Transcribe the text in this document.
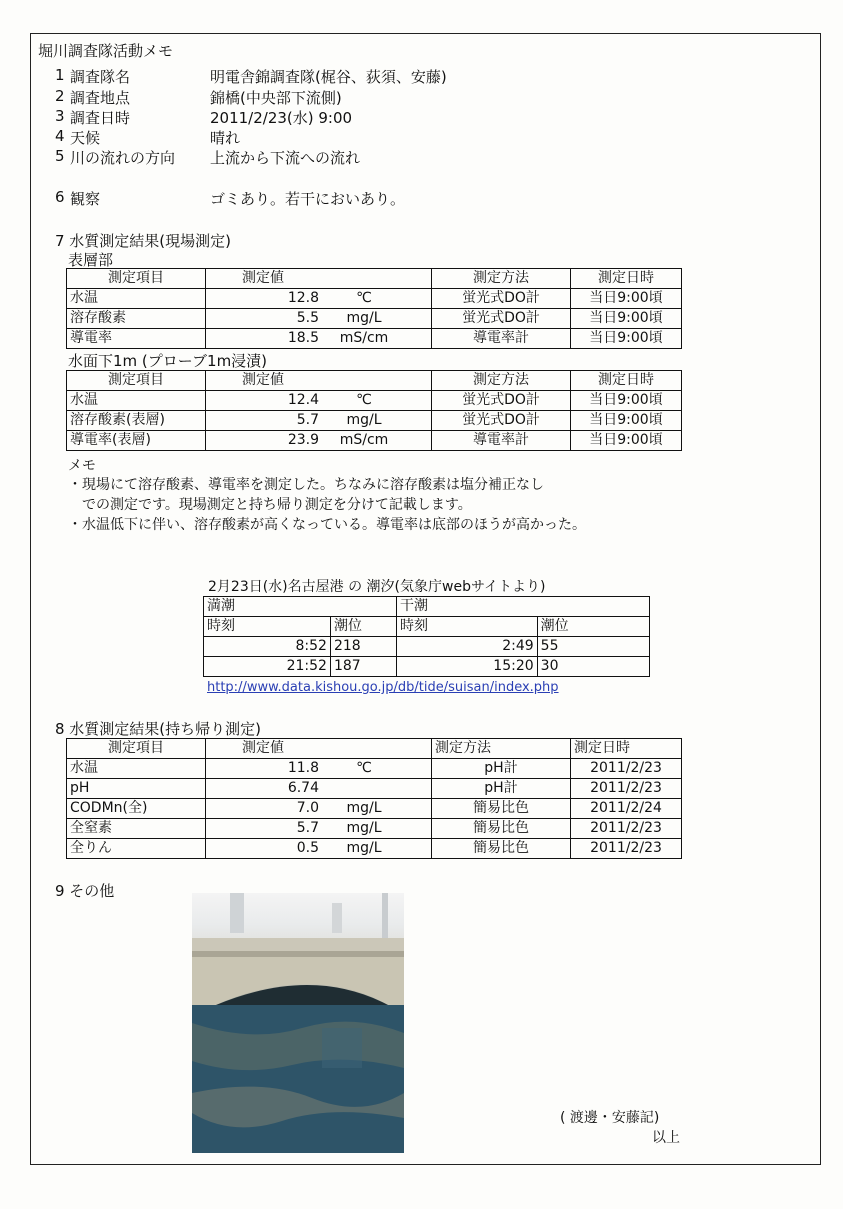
堀川調査隊活動メモ
1 調査隊名	明電舎錦調査隊(梶谷、荻須、安藤)
2 調査地点	錦橋(中央部下流側)
3 調査日時	2011/2/23(水) 9:00
4 天候	晴れ
5 川の流れの方向 上流から下流への流れ
6 観察	ゴミあり。若干においあり。
7 水質測定結果(現場測定)
表層部
測定項目	測定値	測定方法	測定日時
水温	12.8 ℃	蛍光式DO計	当日9:00頃
溶存酸素	5.5 mg/L	蛍光式DO計	当日9:00頃
導電率	18.5 mS/cm	導電率計	当日9:00頃
水面下1m (プローブ1m浸漬)
測定項目	測定値	測定方法	測定日時
水温	12.4 ℃	蛍光式DO計	当日9:00頃
溶存酸素(表層)	5.7 mg/L	蛍光式DO計	当日9:00頃
導電率(表層)	23.9 mS/cm	導電率計	当日9:00頃
メモ
・現場にて溶存酸素、導電率を測定した。ちなみに溶存酸素は塩分補正なし
での測定です。現場測定と持ち帰り測定を分けて記載します。
・水温低下に伴い、溶存酸素が高くなっている。導電率は底部のほうが高かった。
2月23日(水)名古屋港 の 潮汐(気象庁webサイトより)
満潮		干潮	
時刻	潮位	時刻	潮位
8:52	218	2:49	55
21:52	187	15:20	30
http://www.data.kishou.go.jp/db/tide/suisan/index.php
8 水質測定結果(持ち帰り測定)
測定項目	測定値	測定方法	測定日時
水温	11.8 ℃	pH計	2011/2/23
pH	6.74	pH計	2011/2/23
CODMn(全)	7.0 mg/L	簡易比色	2011/2/24
全窒素	5.7 mg/L	簡易比色	2011/2/23
全りん	0.5 mg/L	簡易比色	2011/2/23
9 その他
( 渡邊・安藤記)
以上
